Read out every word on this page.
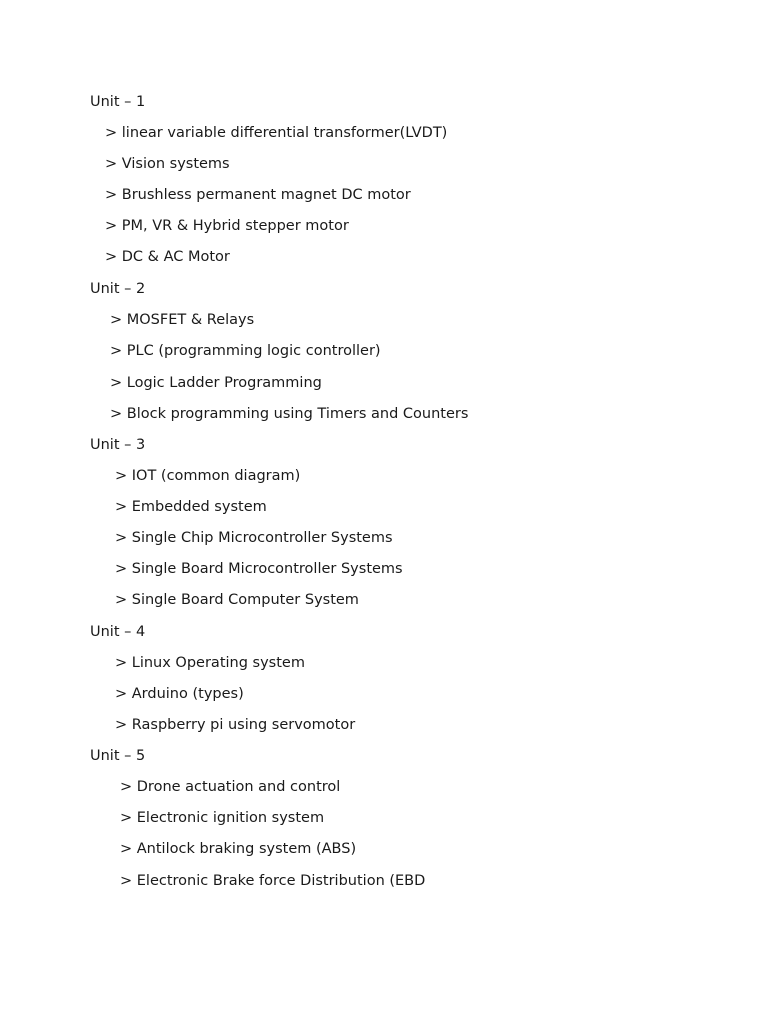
Unit – 1
> linear variable differential transformer(LVDT)
> Vision systems
> Brushless permanent magnet DC motor
> PM, VR & Hybrid stepper motor
> DC & AC Motor
Unit – 2
> MOSFET & Relays
> PLC (programming logic controller)
> Logic Ladder Programming
> Block programming using Timers and Counters
Unit – 3
> IOT (common diagram)
> Embedded system
> Single Chip Microcontroller Systems
> Single Board Microcontroller Systems
> Single Board Computer System
Unit – 4
> Linux Operating system
> Arduino (types)
> Raspberry pi using servomotor
Unit – 5
> Drone actuation and control
> Electronic ignition system
> Antilock braking system (ABS)
> Electronic Brake force Distribution (EBD
